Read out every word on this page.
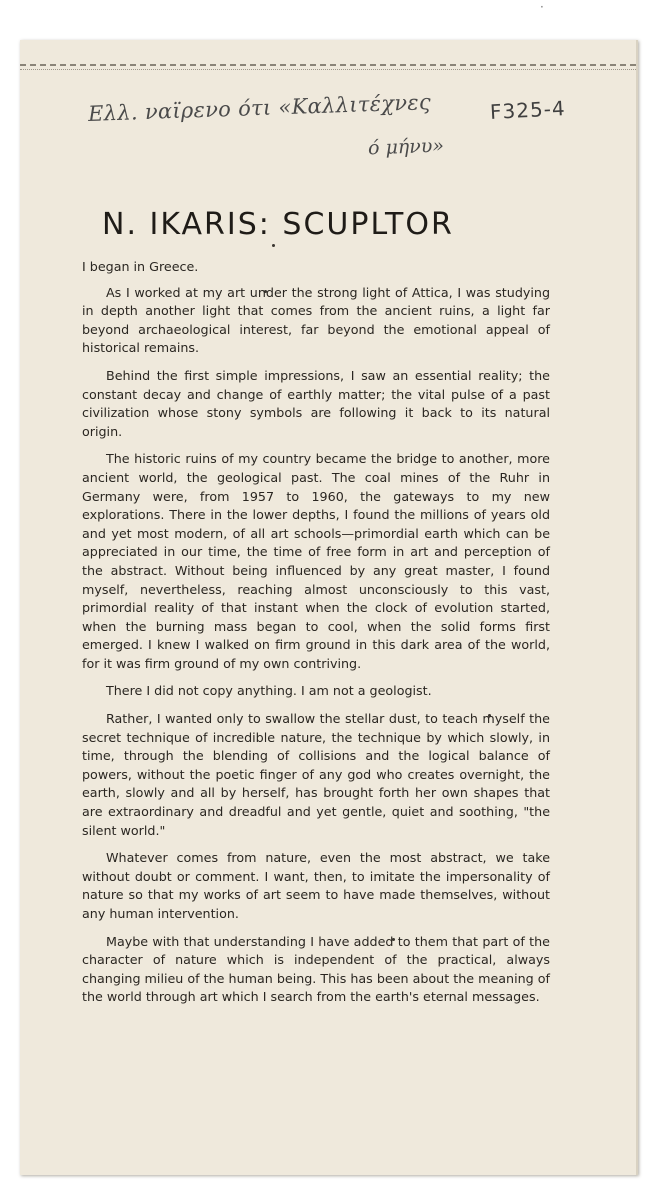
·
Ελλ. ναϊρενο ότι «Καλλιτέχνες
ό μήνυ»
F325-4
N. IKARIS: SCUPLTOR

I began in Greece.

As I worked at my art under the strong light of Attica, I was studying in depth another light that comes from the ancient ruins, a light far beyond archaeological interest, far beyond the emotional appeal of historical remains.

Behind the first simple impressions, I saw an essential reality; the constant decay and change of earthly matter; the vital pulse of a past civilization whose stony symbols are following it back to its natural origin.

The historic ruins of my country became the bridge to another, more ancient world, the geological past. The coal mines of the Ruhr in Germany were, from 1957 to 1960, the gateways to my new explorations. There in the lower depths, I found the millions of years old and yet most modern, of all art schools—primordial earth which can be appreciated in our time, the time of free form in art and perception of the abstract. Without being influenced by any great master, I found myself, nevertheless, reaching almost unconsciously to this vast, primordial reality of that instant when the clock of evolution started, when the burning mass began to cool, when the solid forms first emerged. I knew I walked on firm ground in this dark area of the world, for it was firm ground of my own contriving.

There I did not copy anything. I am not a geologist.

Rather, I wanted only to swallow the stellar dust, to teach myself the secret technique of incredible nature, the technique by which slowly, in time, through the blending of collisions and the logical balance of powers, without the poetic finger of any god who creates overnight, the earth, slowly and all by herself, has brought forth her own shapes that are extraordinary and dreadful and yet gentle, quiet and soothing, "the silent world."

Whatever comes from nature, even the most abstract, we take without doubt or comment. I want, then, to imitate the impersonality of nature so that my works of art seem to have made themselves, without any human intervention.

Maybe with that understanding I have added to them that part of the character of nature which is independent of the practical, always changing milieu of the human being. This has been about the meaning of the world through art which I search from the earth's eternal messages.
